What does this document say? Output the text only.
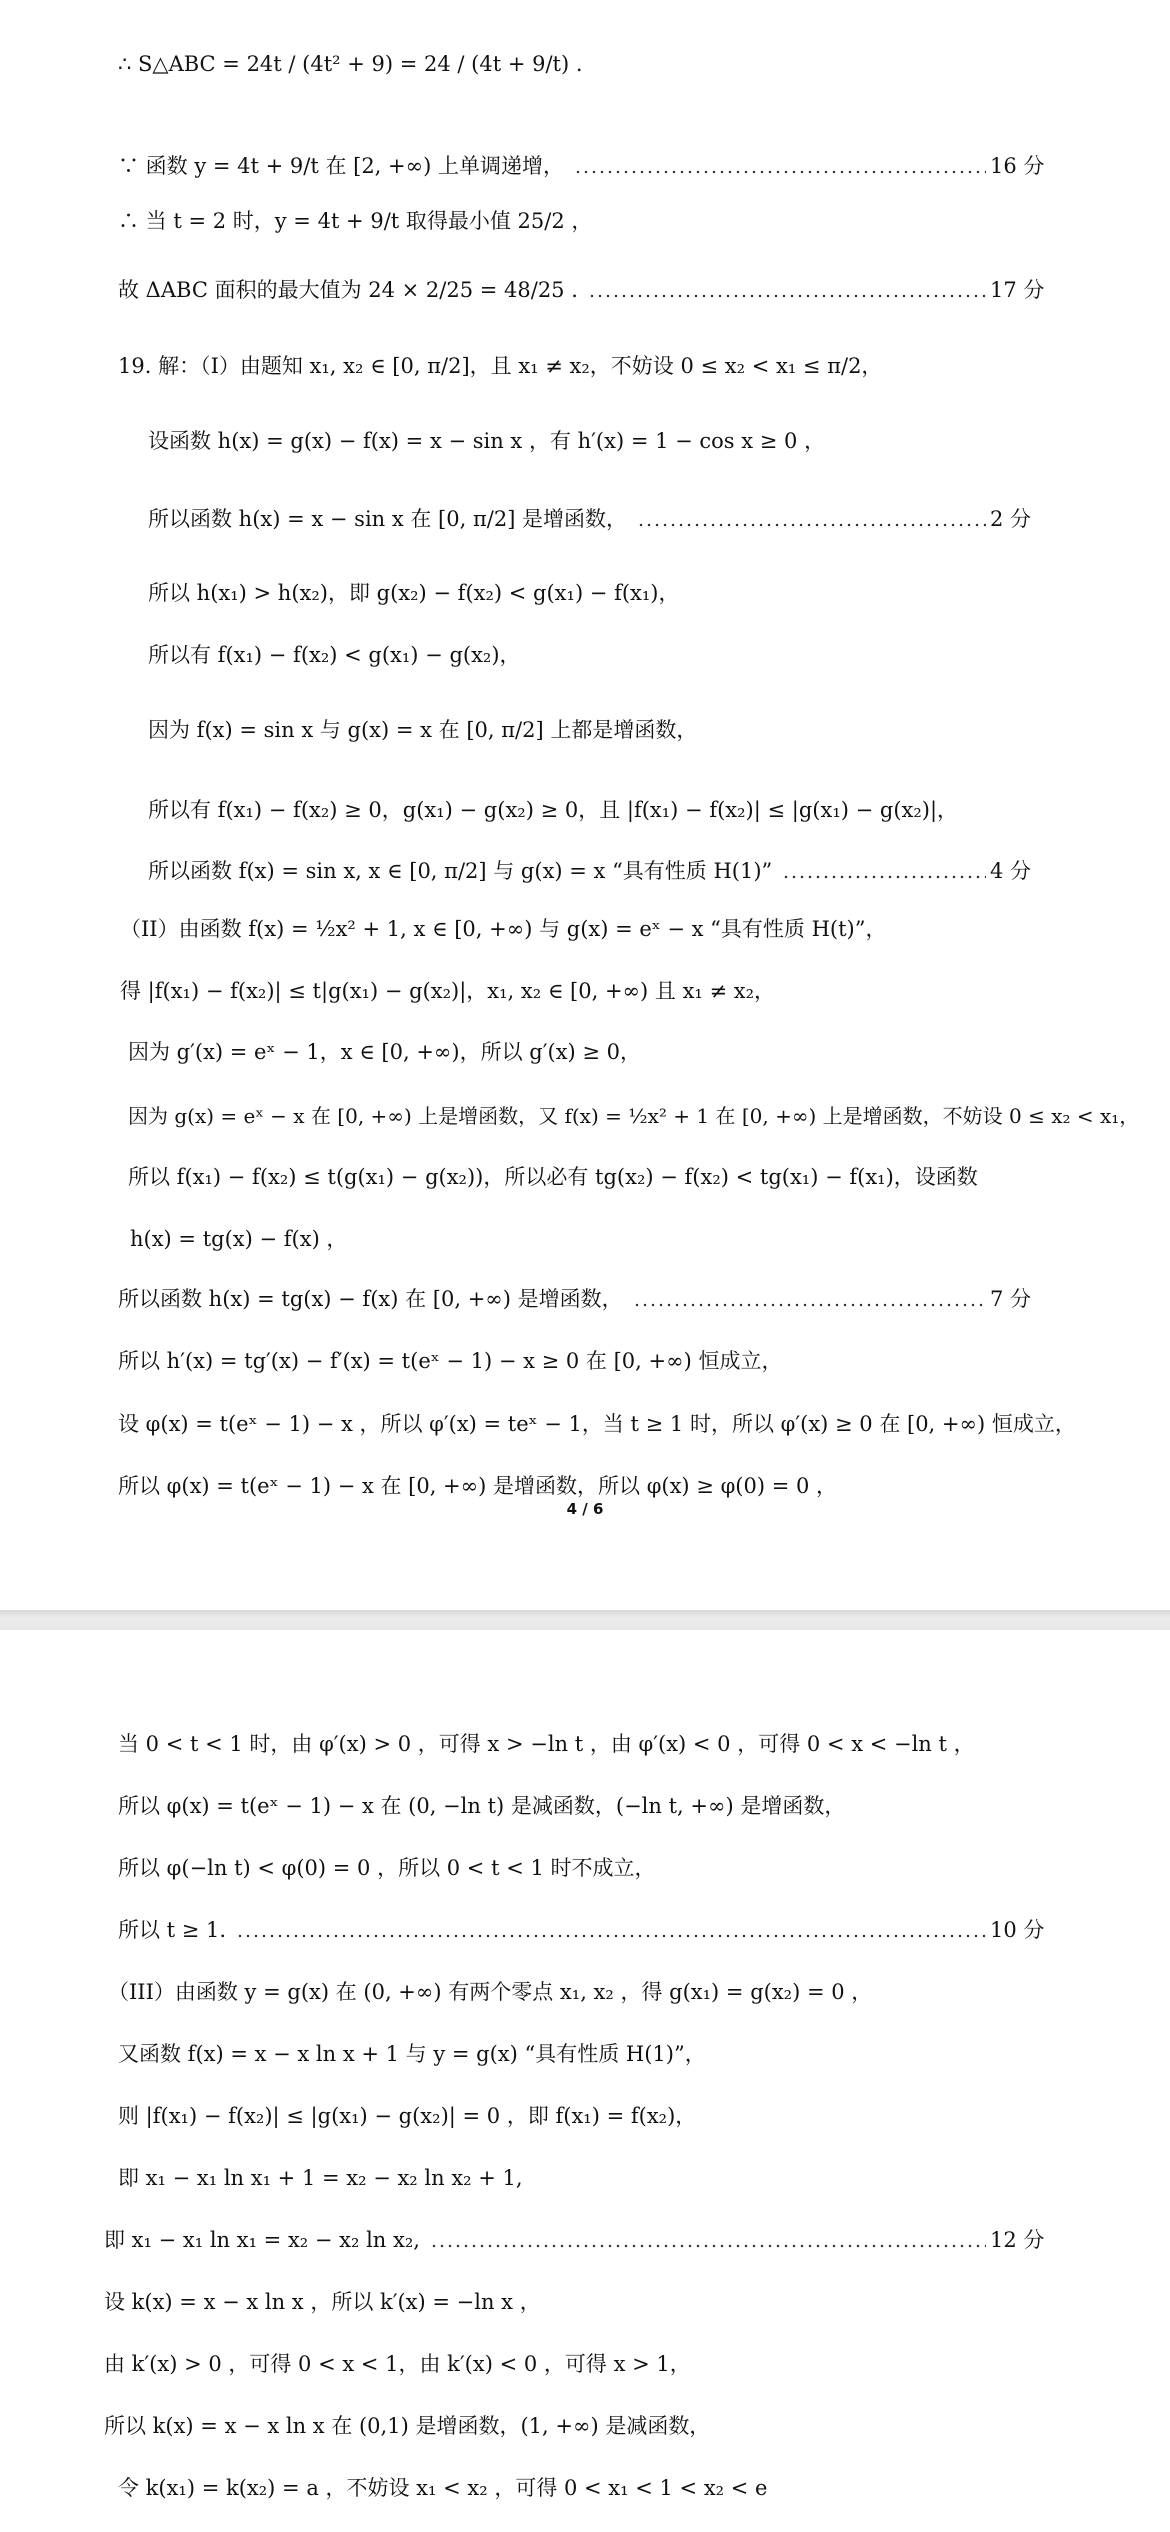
∴ S△ABC = 24t / (4t² + 9) = 24 / (4t + 9/t) .
∵ 函数 y = 4t + 9/t 在 [2, +∞) 上单调递增，	16 分
∴ 当 t = 2 时，y = 4t + 9/t 取得最小值 25/2 ，
故 ΔABC 面积的最大值为 24 × 2/25 = 48/25 .	17 分
19. 解：（I）由题知 x₁, x₂ ∈ [0, π/2]，且 x₁ ≠ x₂，不妨设 0 ≤ x₂ < x₁ ≤ π/2，
设函数 h(x) = g(x) − f(x) = x − sin x ，有 h′(x) = 1 − cos x ≥ 0 ，
所以函数 h(x) = x − sin x 在 [0, π/2] 是增函数，	2 分
所以 h(x₁) > h(x₂)，即 g(x₂) − f(x₂) < g(x₁) − f(x₁)，
所以有 f(x₁) − f(x₂) < g(x₁) − g(x₂)，
因为 f(x) = sin x 与 g(x) = x 在 [0, π/2] 上都是增函数，
所以有 f(x₁) − f(x₂) ≥ 0，g(x₁) − g(x₂) ≥ 0，且 |f(x₁) − f(x₂)| ≤ |g(x₁) − g(x₂)|，
所以函数 f(x) = sin x, x ∈ [0, π/2] 与 g(x) = x “具有性质 H(1)”	4 分
（II）由函数 f(x) = ½x² + 1, x ∈ [0, +∞) 与 g(x) = eˣ − x “具有性质 H(t)”，
得 |f(x₁) − f(x₂)| ≤ t|g(x₁) − g(x₂)|，x₁, x₂ ∈ [0, +∞) 且 x₁ ≠ x₂，
因为 g′(x) = eˣ − 1，x ∈ [0, +∞)，所以 g′(x) ≥ 0，
因为 g(x) = eˣ − x 在 [0, +∞) 上是增函数，又 f(x) = ½x² + 1 在 [0, +∞) 上是增函数，不妨设 0 ≤ x₂ < x₁，
所以 f(x₁) − f(x₂) ≤ t(g(x₁) − g(x₂))，所以必有 tg(x₂) − f(x₂) < tg(x₁) − f(x₁)，设函数
h(x) = tg(x) − f(x) ，
所以函数 h(x) = tg(x) − f(x) 在 [0, +∞) 是增函数，	7 分
所以 h′(x) = tg′(x) − f′(x) = t(eˣ − 1) − x ≥ 0 在 [0, +∞) 恒成立，
设 φ(x) = t(eˣ − 1) − x ，所以 φ′(x) = teˣ − 1，当 t ≥ 1 时，所以 φ′(x) ≥ 0 在 [0, +∞) 恒成立，
所以 φ(x) = t(eˣ − 1) − x 在 [0, +∞) 是增函数，所以 φ(x) ≥ φ(0) = 0 ，
4 / 6
当 0 < t < 1 时，由 φ′(x) > 0 ，可得 x > −ln t ，由 φ′(x) < 0 ，可得 0 < x < −ln t ，
所以 φ(x) = t(eˣ − 1) − x 在 (0, −ln t) 是减函数，(−ln t, +∞) 是增函数，
所以 φ(−ln t) < φ(0) = 0 ，所以 0 < t < 1 时不成立，
所以 t ≥ 1.	10 分
（III）由函数 y = g(x) 在 (0, +∞) 有两个零点 x₁, x₂ ，得 g(x₁) = g(x₂) = 0 ，
又函数 f(x) = x − x ln x + 1 与 y = g(x) “具有性质 H(1)”，
则 |f(x₁) − f(x₂)| ≤ |g(x₁) − g(x₂)| = 0 ，即 f(x₁) = f(x₂)，
即 x₁ − x₁ ln x₁ + 1 = x₂ − x₂ ln x₂ + 1,
即 x₁ − x₁ ln x₁ = x₂ − x₂ ln x₂,	12 分
设 k(x) = x − x ln x ，所以 k′(x) = −ln x ，
由 k′(x) > 0 ，可得 0 < x < 1，由 k′(x) < 0 ，可得 x > 1，
所以 k(x) = x − x ln x 在 (0,1) 是增函数，(1, +∞) 是减函数，
令 k(x₁) = k(x₂) = a ，不妨设 x₁ < x₂ ，可得 0 < x₁ < 1 < x₂ < e
